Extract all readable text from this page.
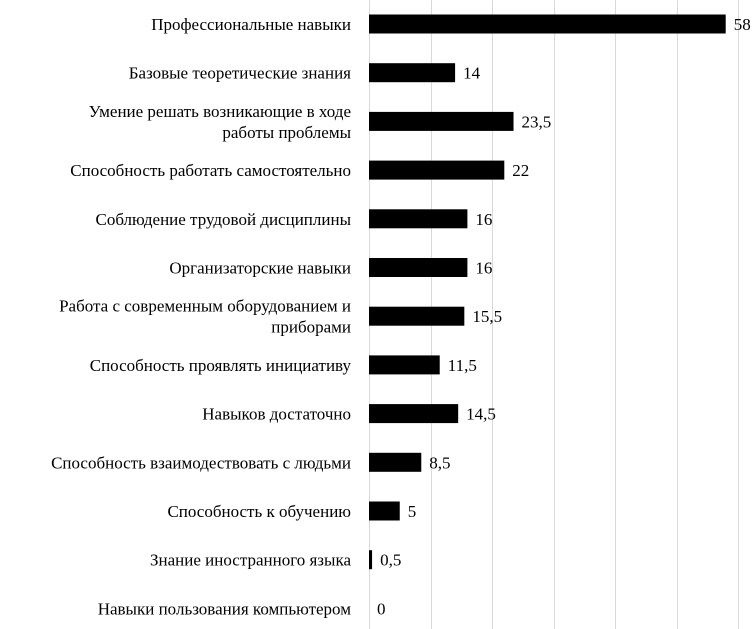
Профессиональные навыки
Базовые теоретические знания
Умение решать возникающие в ходе работы проблемы
Способность работать самостоятельно
Соблюдение трудовой дисциплины
Организаторские навыки
Работа с современным оборудованием и приборами
Способность проявлять инициативу
Навыков достаточно
Способность взаимодествовать с людьми
Способность к обучению
Знание иностранного языка
Навыки пользования компьютером
58
14
23,5
22
16
16
15,5
11,5
14,5
8,5
5
0,5
0
